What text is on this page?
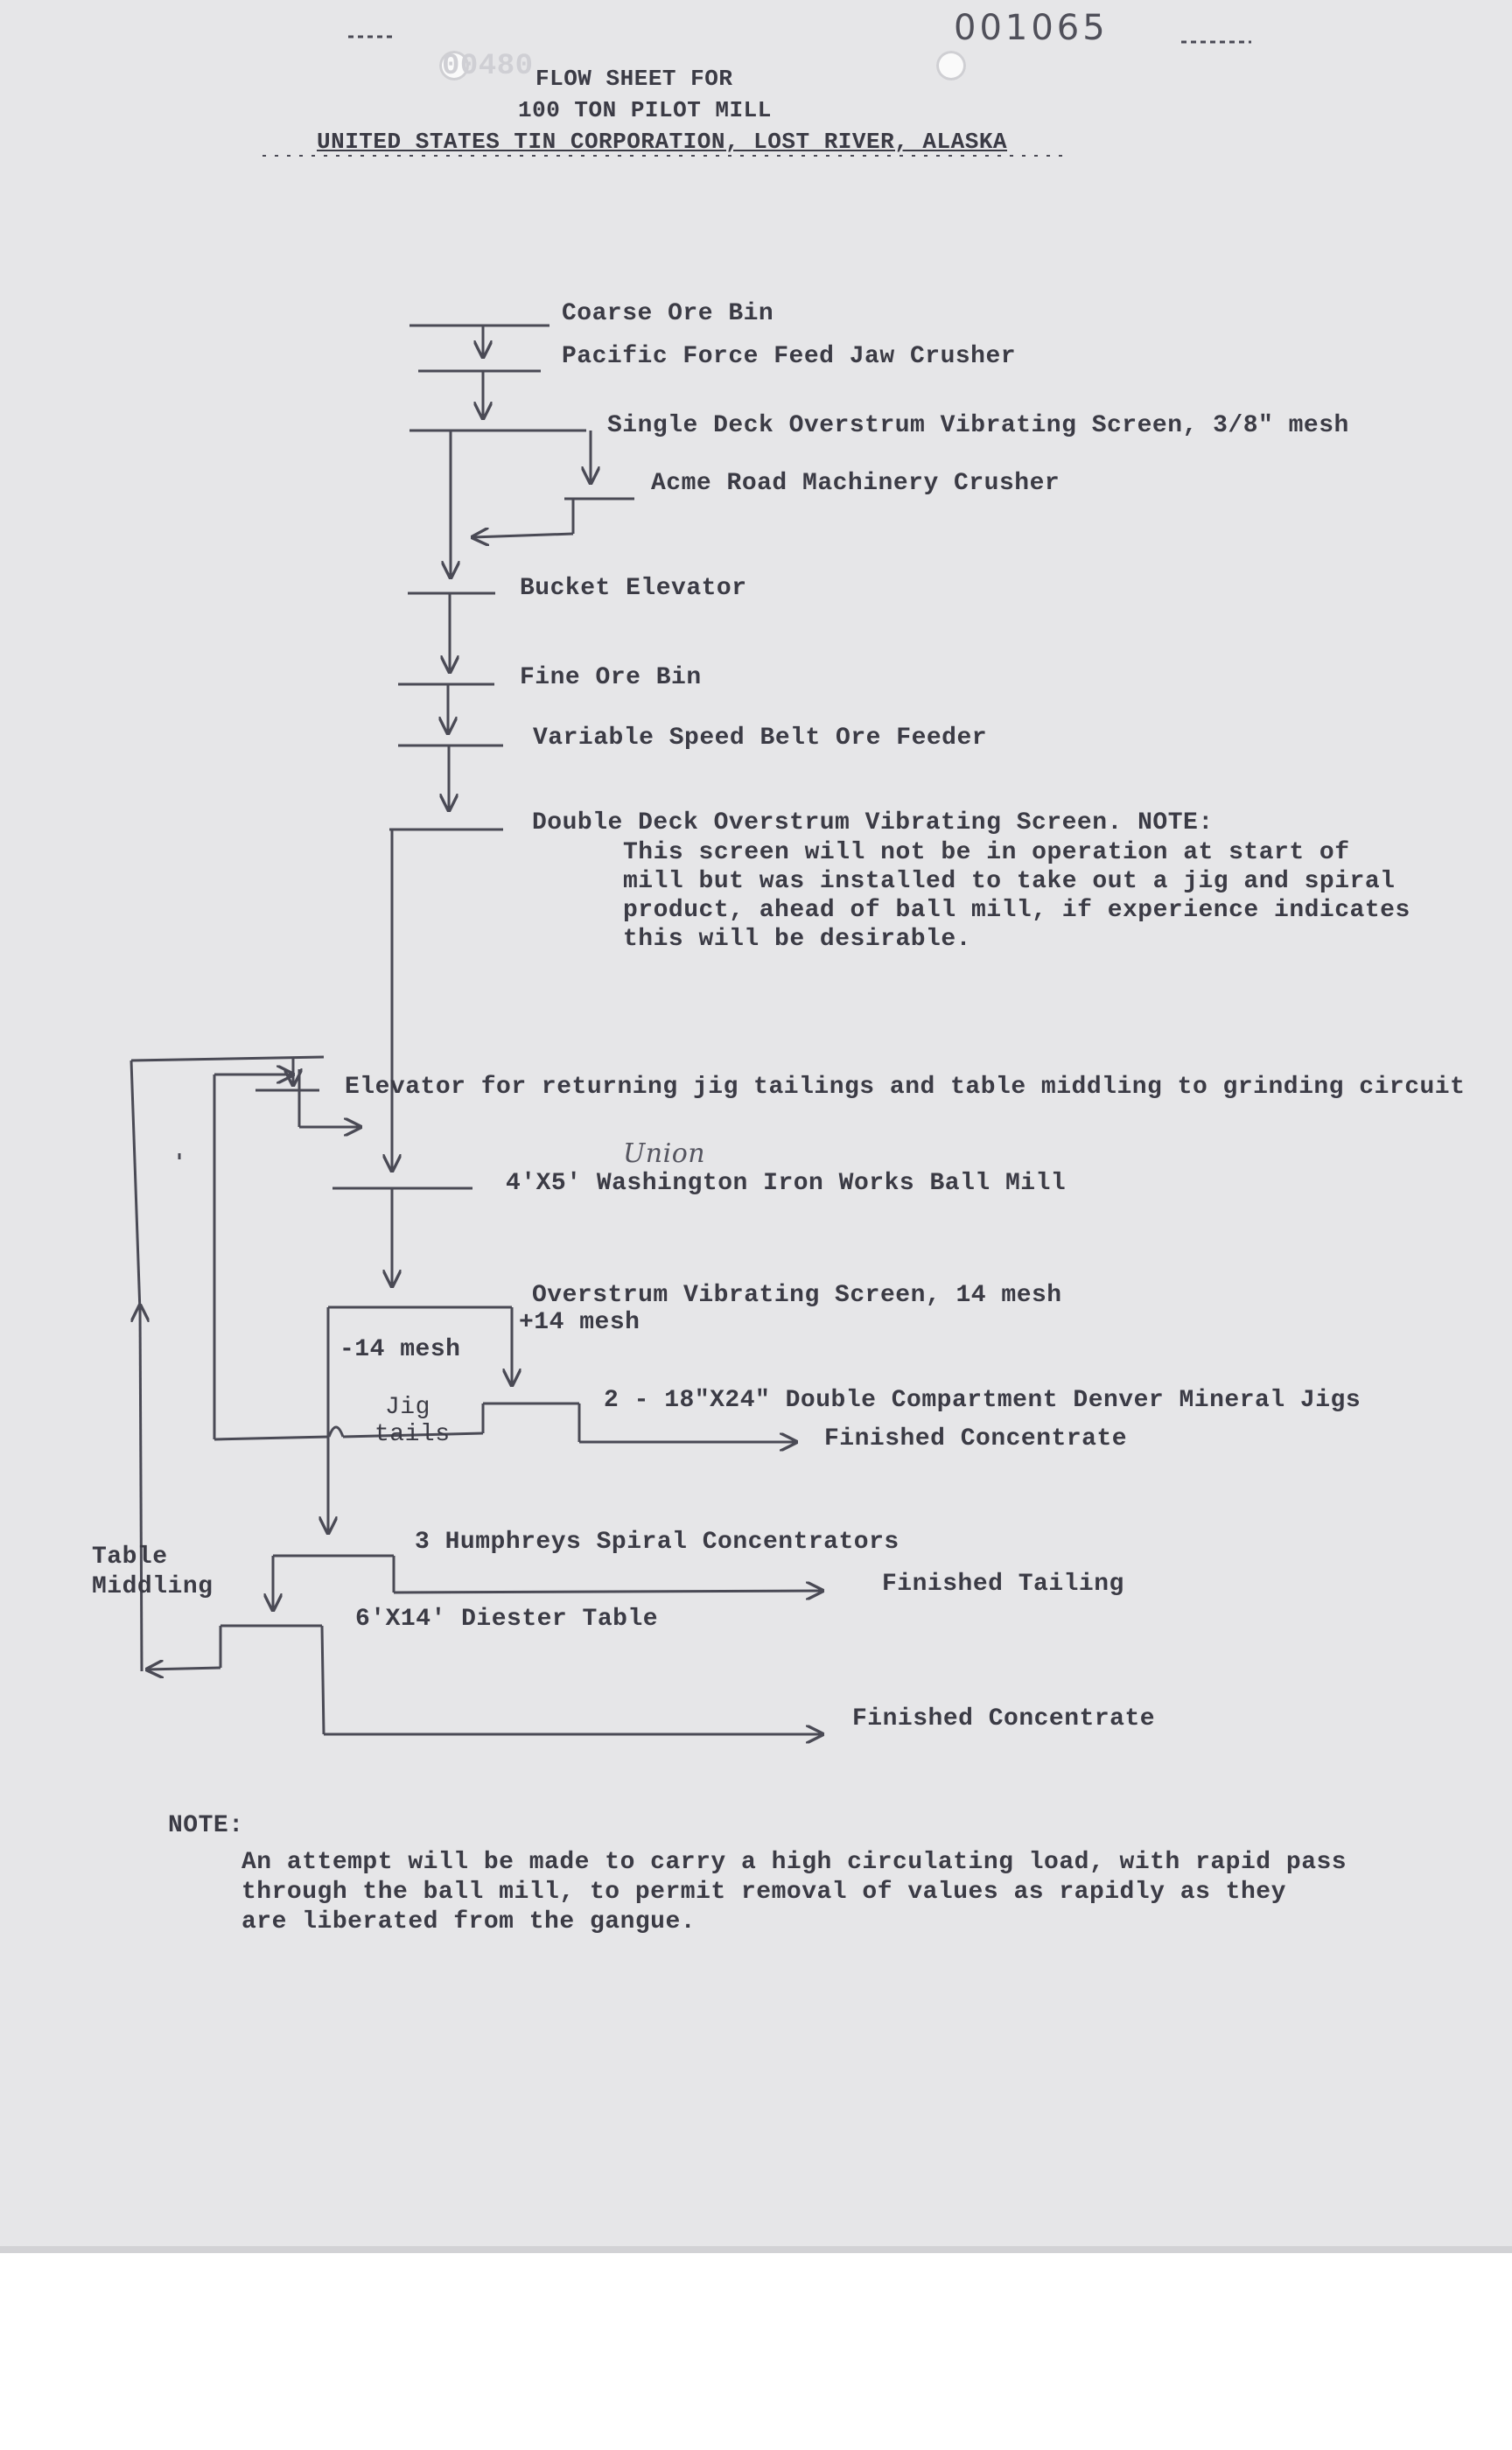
001065
00480 FLOW SHEET FOR
100 TON PILOT MILL
UNITED STATES TIN CORPORATION, LOST RIVER, ALASKA
Coarse Ore Bin
Pacific Force Feed Jaw Crusher
Single Deck Overstrum Vibrating Screen, 3/8" mesh
Acme Road Machinery Crusher
Bucket Elevator
Fine Ore Bin
Variable Speed Belt Ore Feeder
Double Deck Overstrum Vibrating Screen. NOTE:
This screen will not be in operation at start of
mill but was installed to take out a jig and spiral
product, ahead of ball mill, if experience indicates
this will be desirable.
Elevator for returning jig tailings and table middling to grinding circuit
Union
4'X5' Washington Iron Works Ball Mill
Overstrum Vibrating Screen, 14 mesh
+14 mesh
-14 mesh
Jig
tails
2 - 18"X24" Double Compartment Denver Mineral Jigs
Finished Concentrate
3 Humphreys Spiral Concentrators
Table
Middling	Finished Tailing
6'X14' Diester Table
Finished Concentrate
NOTE:
An attempt will be made to carry a high circulating load, with rapid pass
through the ball mill, to permit removal of values as rapidly as they
are liberated from the gangue.
